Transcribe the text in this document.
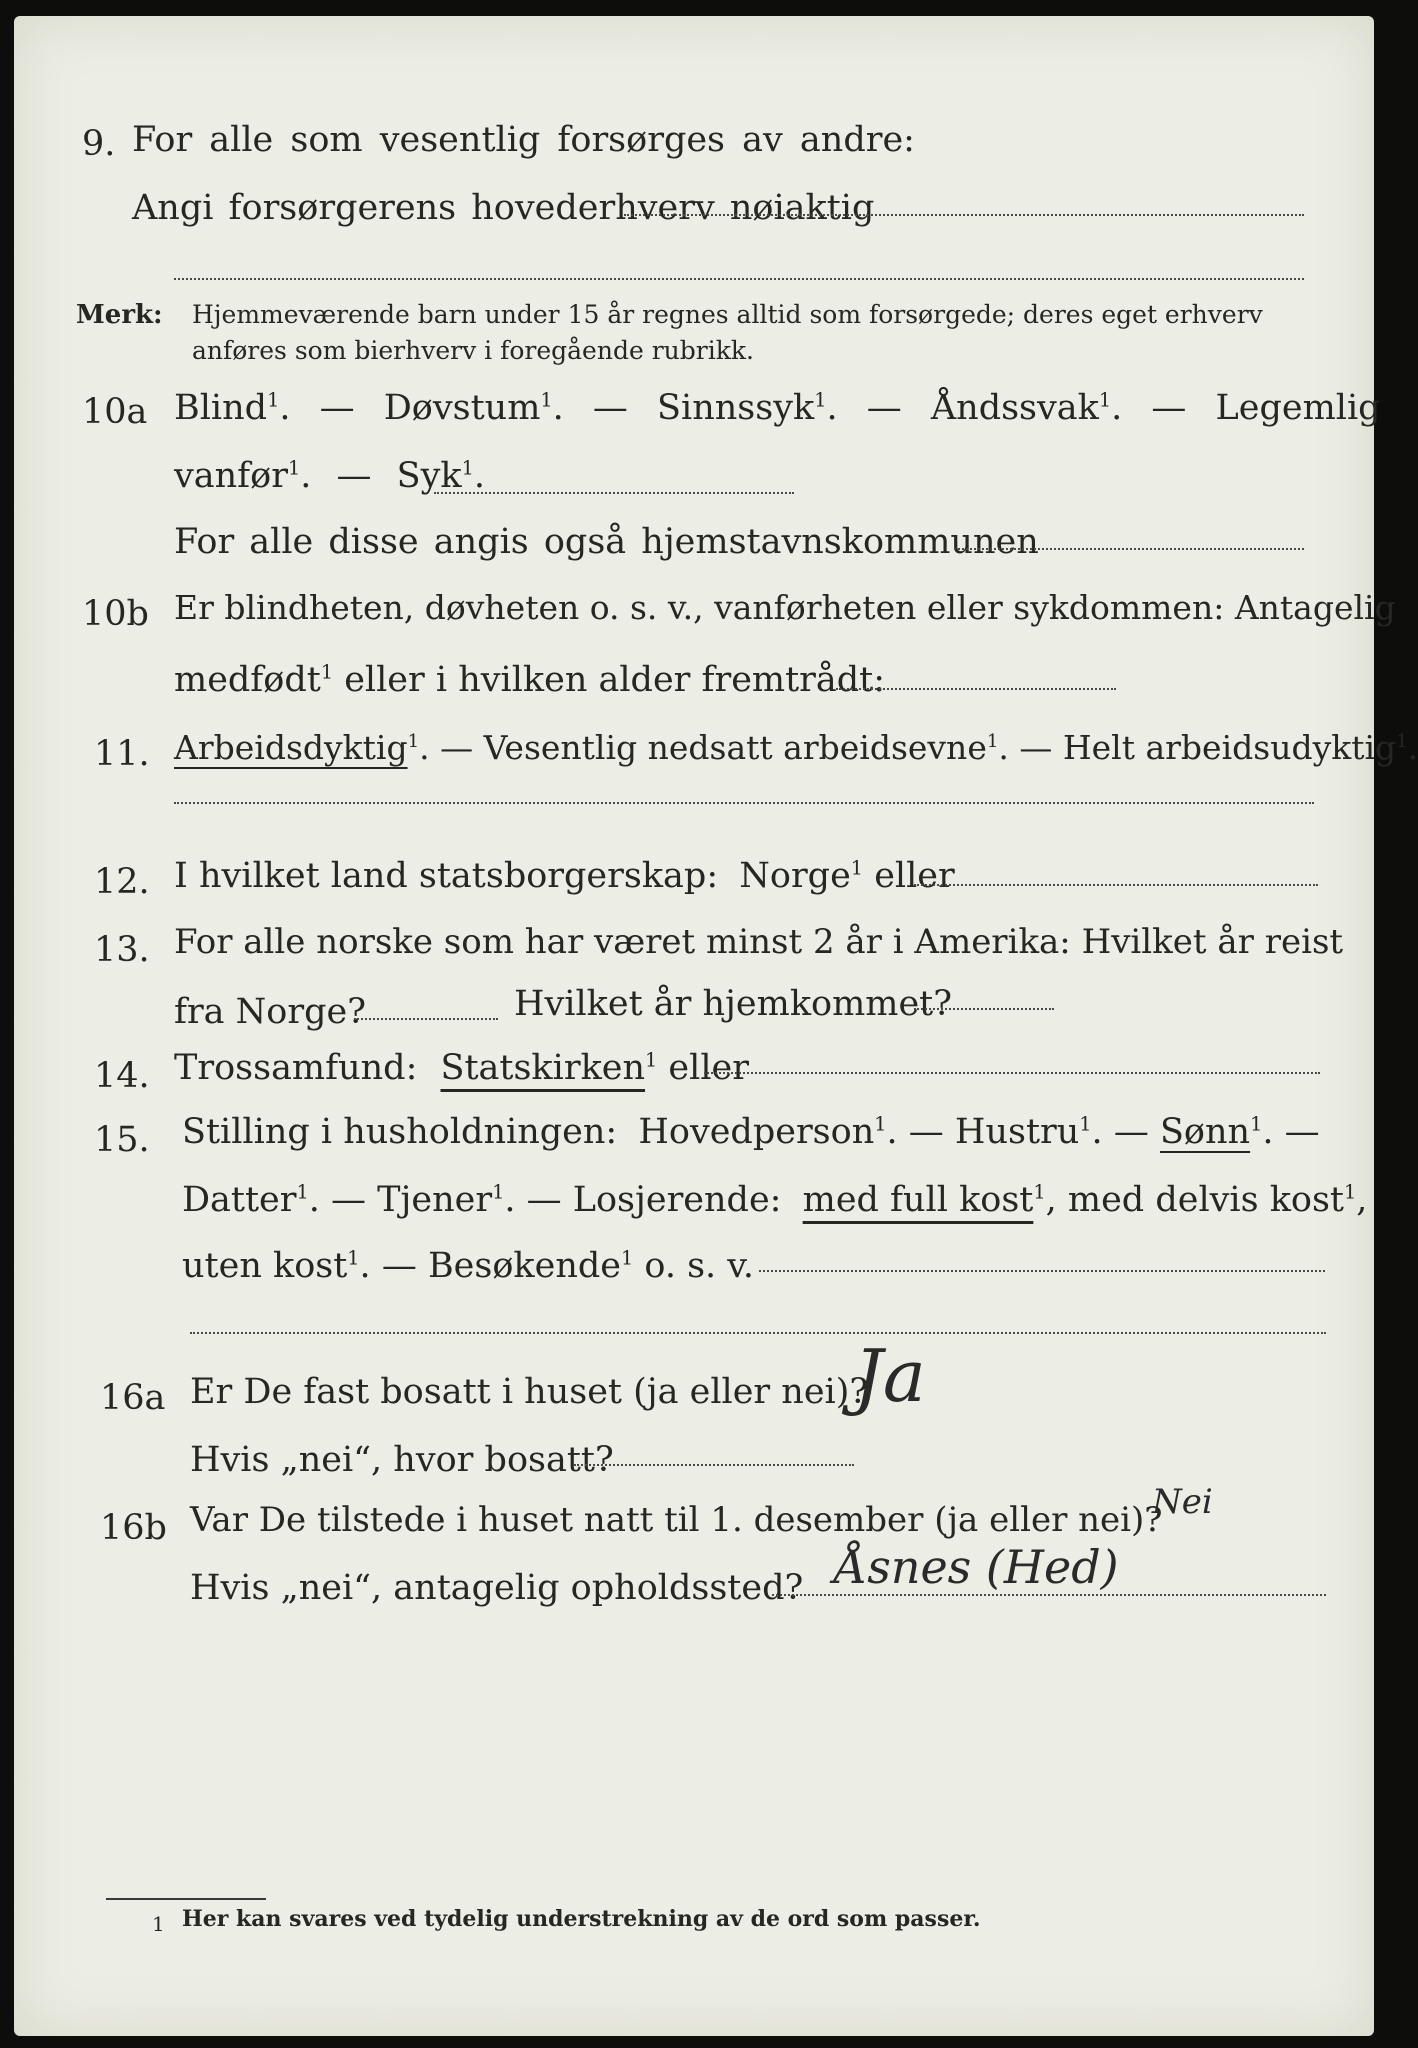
9. For alle som vesentlig forsørges av andre:
Angi forsørgerens hovederhverv nøiaktig
Merk: Hjemmeværende barn under 15 år regnes alltid som forsørgede; deres eget erhverv
anføres som bierhverv i foregående rubrikk.
10a Blind$^1$. — Døvstum$^1$. — Sinnssyk$^1$. — Åndssvak$^1$. — Legemlig
vanfør$^1$. — Syk$^1$.
For alle disse angis også hjemstavnskommunen
10b Er blindheten, døvheten o. s. v., vanførheten eller sykdommen: Antagelig
medfødt$^1$ eller i hvilken alder fremtrådt:
11. Arbeidsdyktig$^1$. — Vesentlig nedsatt arbeidsevne$^1$. — Helt arbeidsudyktig$^1$.
12. I hvilket land statsborgerskap: Norge$^1$ eller
13. For alle norske som har været minst 2 år i Amerika: Hvilket år reist
fra Norge?	Hvilket år hjemkommet?
14. Trossamfund: Statskirken$^1$ eller
15. Stilling i husholdningen: Hovedperson$^1$. — Hustru$^1$. — Sønn$^1$. —
Datter$^1$. — Tjener$^1$. — Losjerende: med full kost$^1$, med delvis kost$^1$,
uten kost$^1$. — Besøkende$^1$ o. s. v.
16a Er De fast bosatt i huset (ja eller nei)?
Ja
Hvis „nei“, hvor bosatt?
16b Var De tilstede i huset natt til 1. desember (ja eller nei)?
Nei
Hvis „nei“, antagelig opholdssted? Åsnes (Hed)
1 Her kan svares ved tydelig understrekning av de ord som passer.
